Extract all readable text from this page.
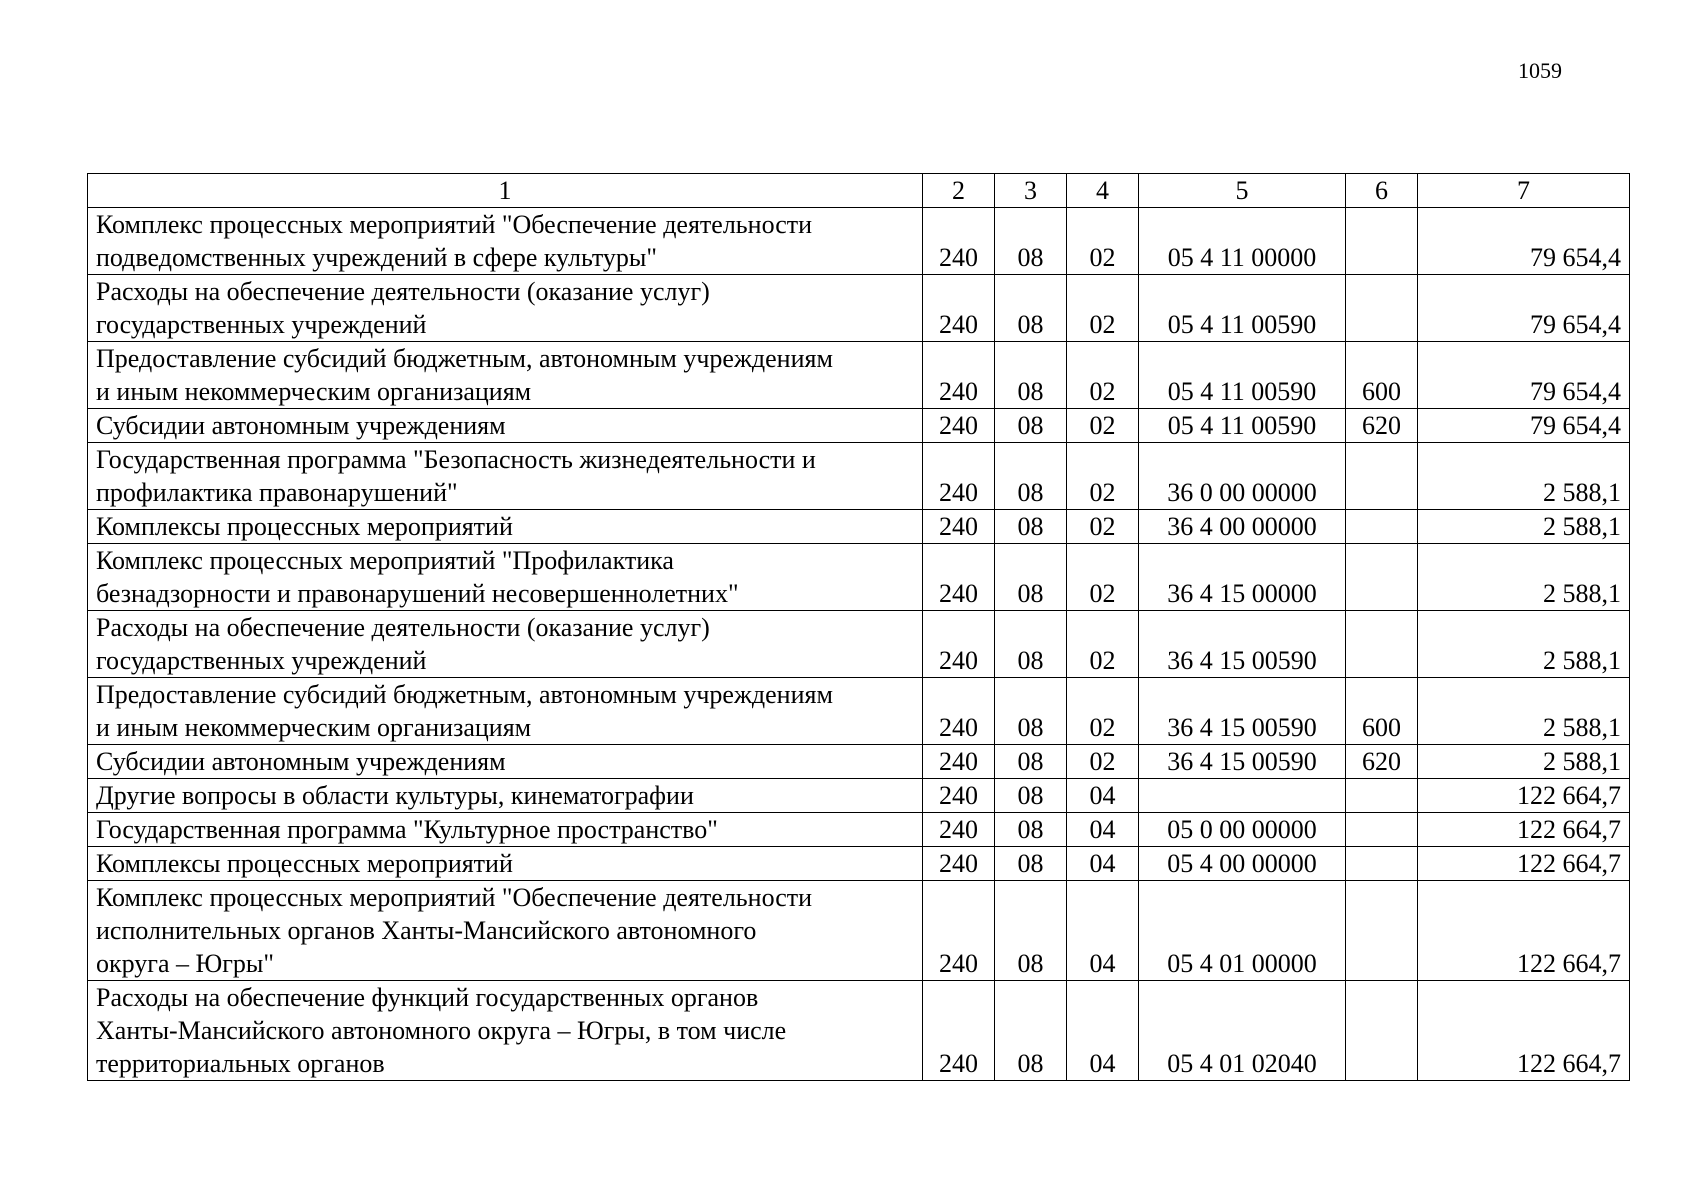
1059
1	2	3	4	5	6	7

Комплекс процессных мероприятий "Обеспечение деятельности
подведомственных учреждений в сфере культуры"	240	08	02	05 4 11 00000		79 654,4

Расходы на обеспечение деятельности (оказание услуг)
государственных учреждений	240	08	02	05 4 11 00590		79 654,4

Предоставление субсидий бюджетным, автономным учреждениям
и иным некоммерческим организациям	240	08	02	05 4 11 00590	600	79 654,4

Субсидии автономным учреждениям	240	08	02	05 4 11 00590	620	79 654,4

Государственная программа "Безопасность жизнедеятельности и
профилактика правонарушений"	240	08	02	36 0 00 00000		2 588,1

Комплексы процессных мероприятий	240	08	02	36 4 00 00000		2 588,1

Комплекс процессных мероприятий "Профилактика
безнадзорности и правонарушений несовершеннолетних"	240	08	02	36 4 15 00000		2 588,1

Расходы на обеспечение деятельности (оказание услуг)
государственных учреждений	240	08	02	36 4 15 00590		2 588,1

Предоставление субсидий бюджетным, автономным учреждениям
и иным некоммерческим организациям	240	08	02	36 4 15 00590	600	2 588,1

Субсидии автономным учреждениям	240	08	02	36 4 15 00590	620	2 588,1

Другие вопросы в области культуры, кинематографии	240	08	04			122 664,7

Государственная программа "Культурное пространство"	240	08	04	05 0 00 00000		122 664,7

Комплексы процессных мероприятий	240	08	04	05 4 00 00000		122 664,7

Комплекс процессных мероприятий "Обеспечение деятельности
исполнительных органов Ханты-Мансийского автономного
округа – Югры"	240	08	04	05 4 01 00000		122 664,7

Расходы на обеспечение функций государственных органов
Ханты-Мансийского автономного округа – Югры, в том числе
территориальных органов	240	08	04	05 4 01 02040		122 664,7
